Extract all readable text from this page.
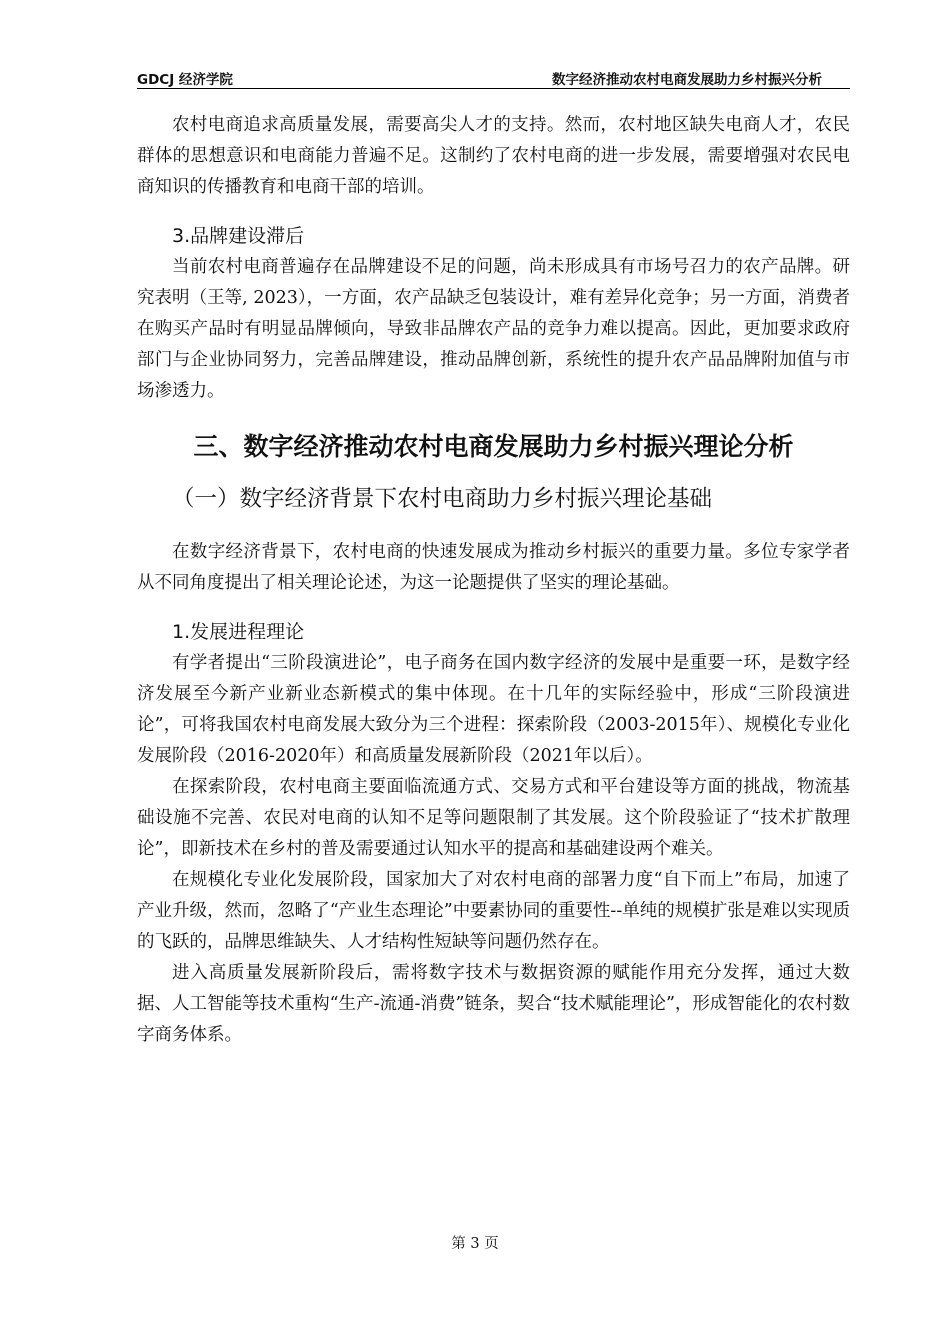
GDCJ 经济学院	数字经济推动农村电商发展助力乡村振兴分析

农村电商追求高质量发展，需要高尖人才的支持。然而，农村地区缺失电商人才，农民群体的思想意识和电商能力普遍不足。这制约了农村电商的进一步发展，需要增强对农民电商知识的传播教育和电商干部的培训。

3.品牌建设滞后

当前农村电商普遍存在品牌建设不足的问题，尚未形成具有市场号召力的农产品牌。研究表明（王等, 2023），一方面，农产品缺乏包装设计，难有差异化竞争；另一方面，消费者在购买产品时有明显品牌倾向，导致非品牌农产品的竞争力难以提高。因此，更加要求政府部门与企业协同努力，完善品牌建设，推动品牌创新，系统性的提升农产品品牌附加值与市场渗透力。

三、数字经济推动农村电商发展助力乡村振兴理论分析
（一）数字经济背景下农村电商助力乡村振兴理论基础

在数字经济背景下，农村电商的快速发展成为推动乡村振兴的重要力量。多位专家学者从不同角度提出了相关理论论述，为这一论题提供了坚实的理论基础。

1.发展进程理论

有学者提出“三阶段演进论”，电子商务在国内数字经济的发展中是重要一环，是数字经济发展至今新产业新业态新模式的集中体现。在十几年的实际经验中，形成“三阶段演进论”，可将我国农村电商发展大致分为三个进程：探索阶段（2003-2015年）、规模化专业化发展阶段（2016-2020年）和高质量发展新阶段（2021年以后）。

在探索阶段，农村电商主要面临流通方式、交易方式和平台建设等方面的挑战，物流基础设施不完善、农民对电商的认知不足等问题限制了其发展。这个阶段验证了“技术扩散理论”，即新技术在乡村的普及需要通过认知水平的提高和基础建设两个难关。

在规模化专业化发展阶段，国家加大了对农村电商的部署力度“自下而上”布局，加速了产业升级，然而，忽略了“产业生态理论”中要素协同的重要性--单纯的规模扩张是难以实现质的飞跃的，品牌思维缺失、人才结构性短缺等问题仍然存在。

进入高质量发展新阶段后，需将数字技术与数据资源的赋能作用充分发挥，通过大数据、人工智能等技术重构“生产-流通-消费”链条，契合“技术赋能理论”，形成智能化的农村数字商务体系。

第 3 页
